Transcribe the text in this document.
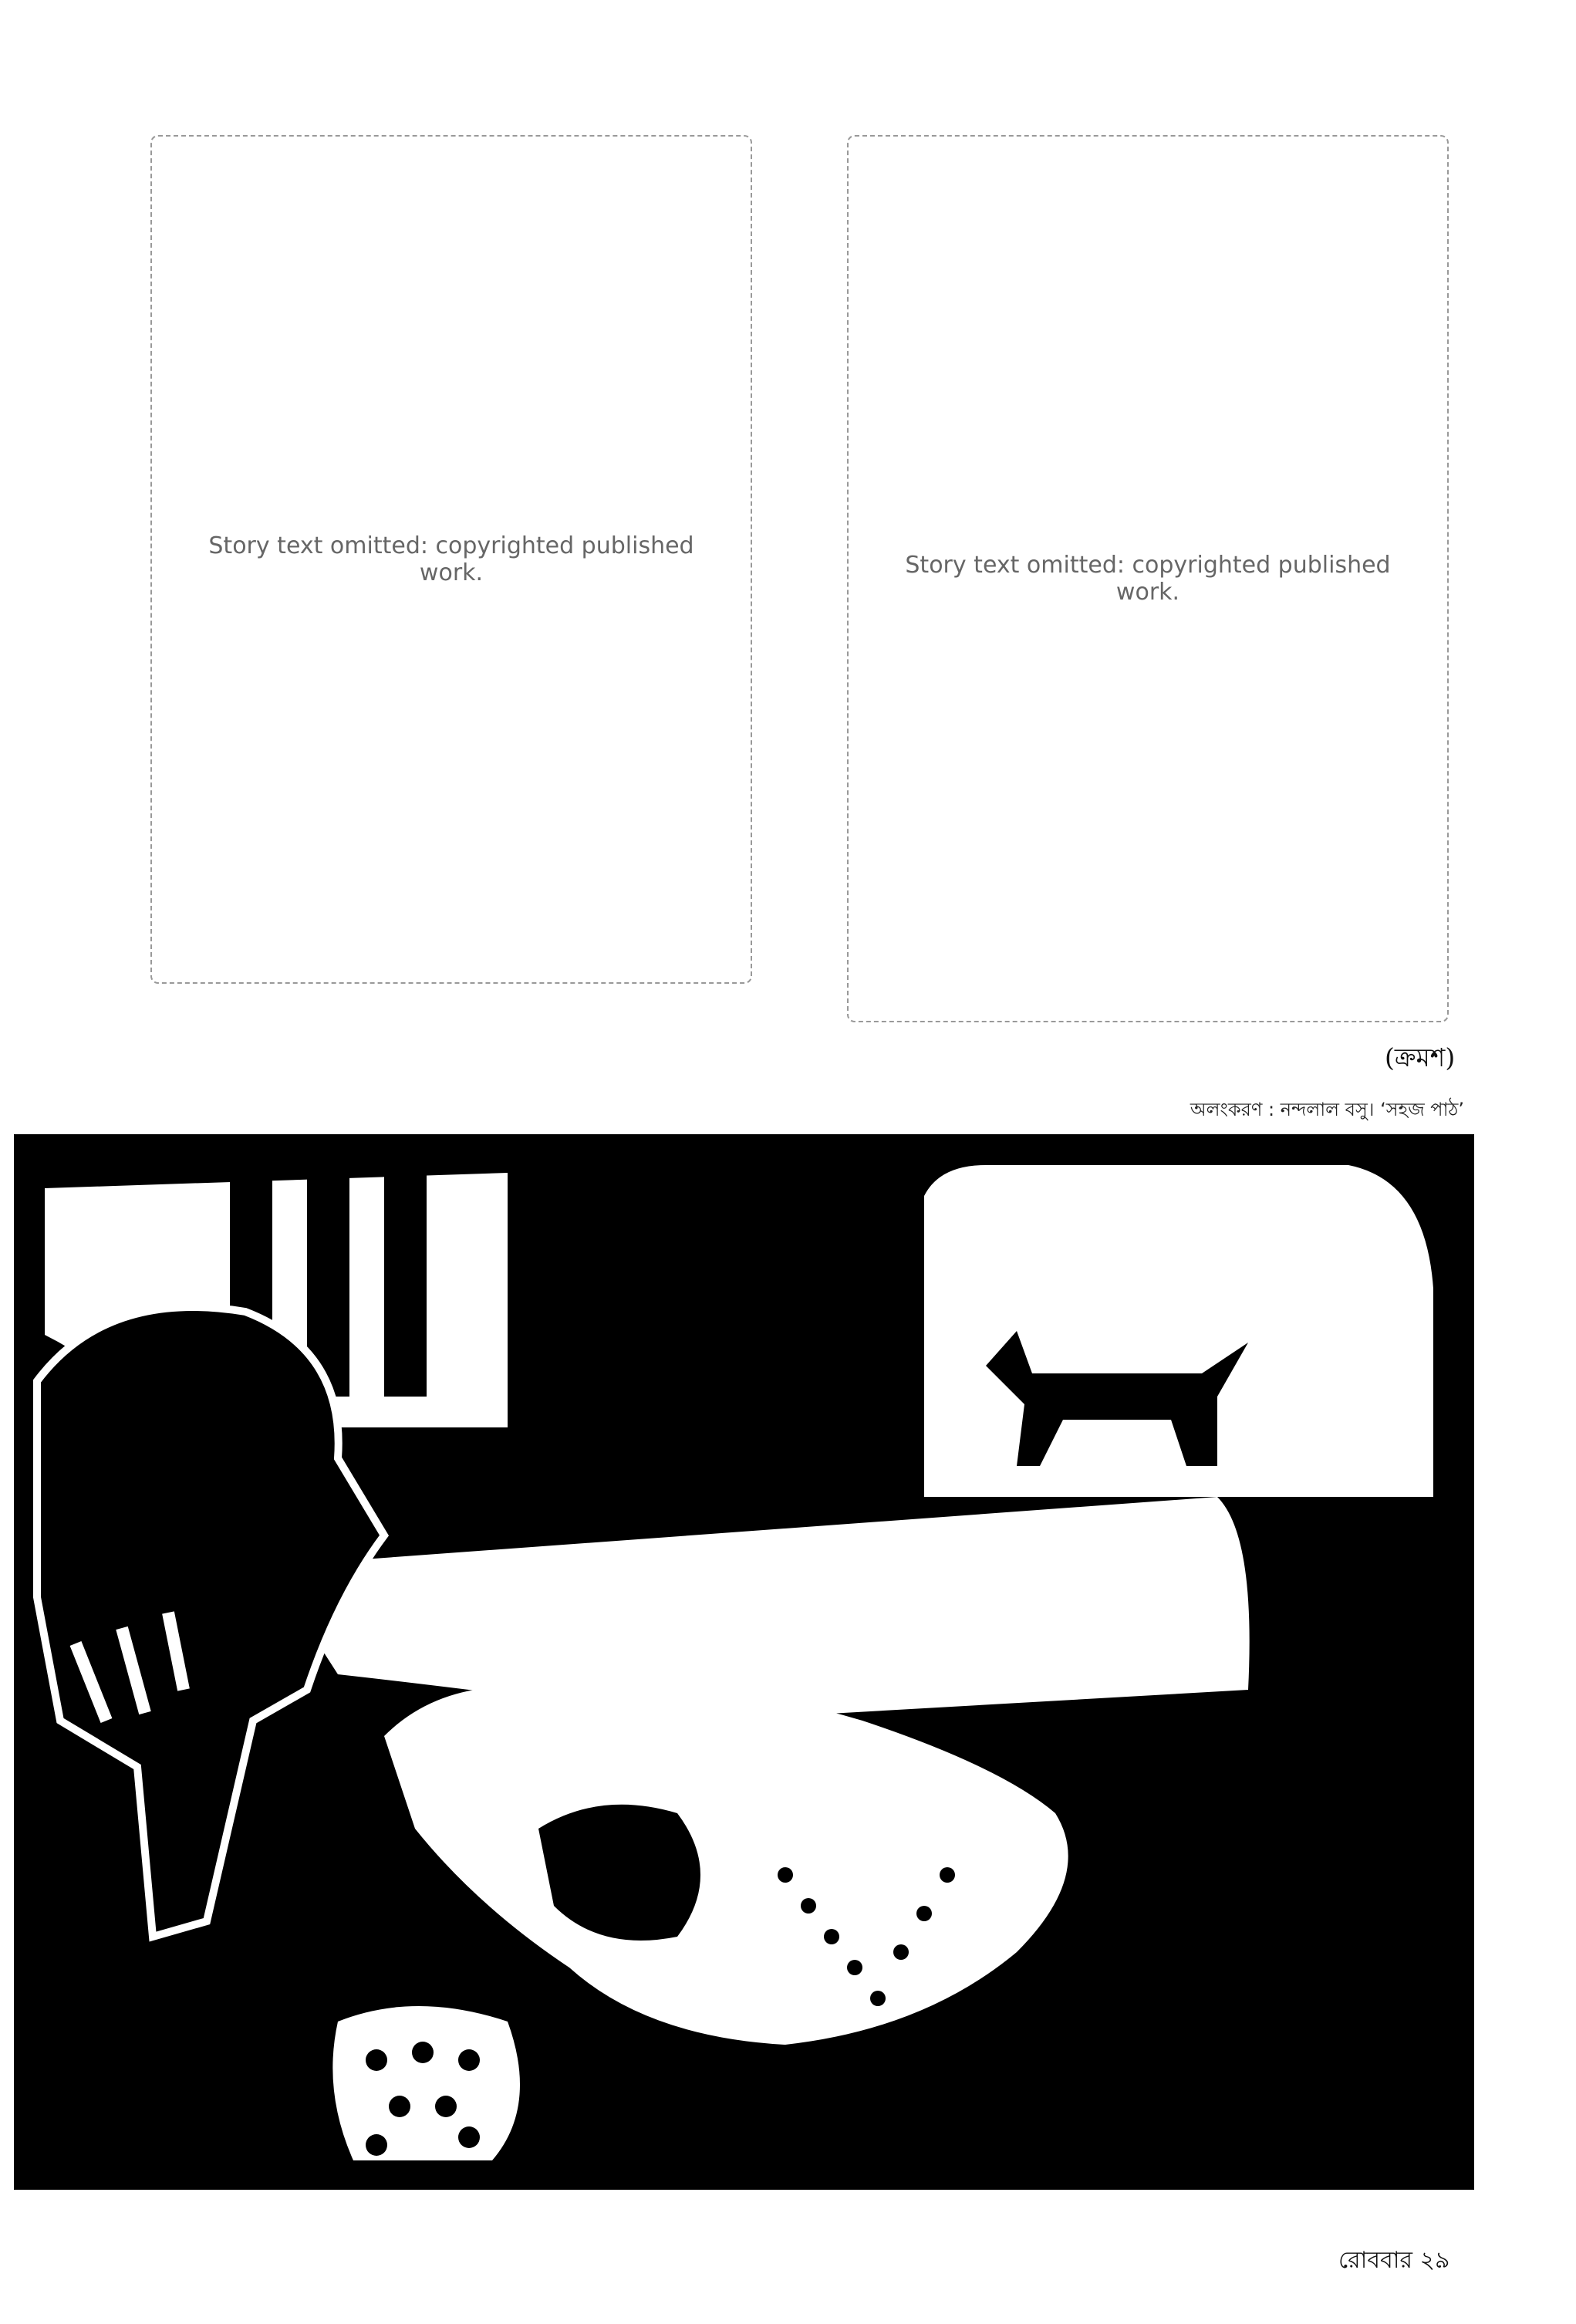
Story text omitted: copyrighted published work.	Story text omitted: copyrighted published work.
(ক্রমশ)
অলংকরণ : নন্দলাল বসু। ‘সহজ পাঠ’
রোববার ২৯
